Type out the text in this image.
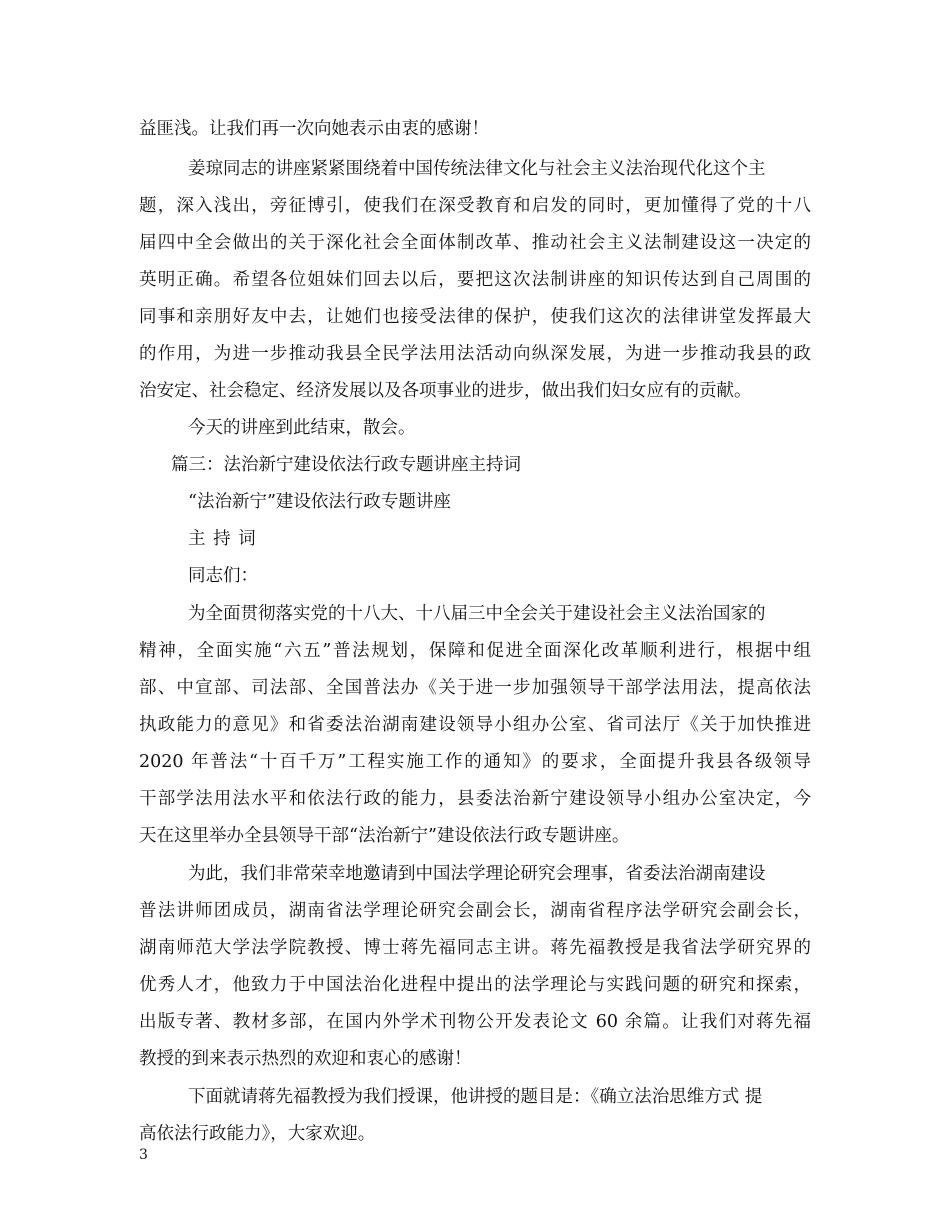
益匪浅。让我们再一次向她表示由衷的感谢！
姜琼同志的讲座紧紧围绕着中国传统法律文化与社会主义法治现代化这个主
题，深入浅出，旁征博引，使我们在深受教育和启发的同时，更加懂得了党的十八
届四中全会做出的关于深化社会全面体制改革、推动社会主义法制建设这一决定的
英明正确。希望各位姐妹们回去以后，要把这次法制讲座的知识传达到自己周围的
同事和亲朋好友中去，让她们也接受法律的保护，使我们这次的法律讲堂发挥最大
的作用，为进一步推动我县全民学法用法活动向纵深发展，为进一步推动我县的政
治安定、社会稳定、经济发展以及各项事业的进步，做出我们妇女应有的贡献。
今天的讲座到此结束，散会。
篇三：法治新宁建设依法行政专题讲座主持词
“法治新宁”建设依法行政专题讲座
主 持 词
同志们：
为全面贯彻落实党的十八大、十八届三中全会关于建设社会主义法治国家的
精神，全面实施“六五”普法规划，保障和促进全面深化改革顺利进行，根据中组
部、中宣部、司法部、全国普法办《关于进一步加强领导干部学法用法，提高依法
执政能力的意见》和省委法治湖南建设领导小组办公室、省司法厅《关于加快推进
2020 年普法“十百千万”工程实施工作的通知》的要求，全面提升我县各级领导
干部学法用法水平和依法行政的能力，县委法治新宁建设领导小组办公室决定，今
天在这里举办全县领导干部“法治新宁”建设依法行政专题讲座。
为此，我们非常荣幸地邀请到中国法学理论研究会理事，省委法治湖南建设
普法讲师团成员，湖南省法学理论研究会副会长，湖南省程序法学研究会副会长，
湖南师范大学法学院教授、博士蒋先福同志主讲。蒋先福教授是我省法学研究界的
优秀人才，他致力于中国法治化进程中提出的法学理论与实践问题的研究和探索，
出版专著、教材多部，在国内外学术刊物公开发表论文 60 余篇。让我们对蒋先福
教授的到来表示热烈的欢迎和衷心的感谢！
下面就请蒋先福教授为我们授课，他讲授的题目是：《确立法治思维方式 提
高依法行政能力》，大家欢迎。
3
